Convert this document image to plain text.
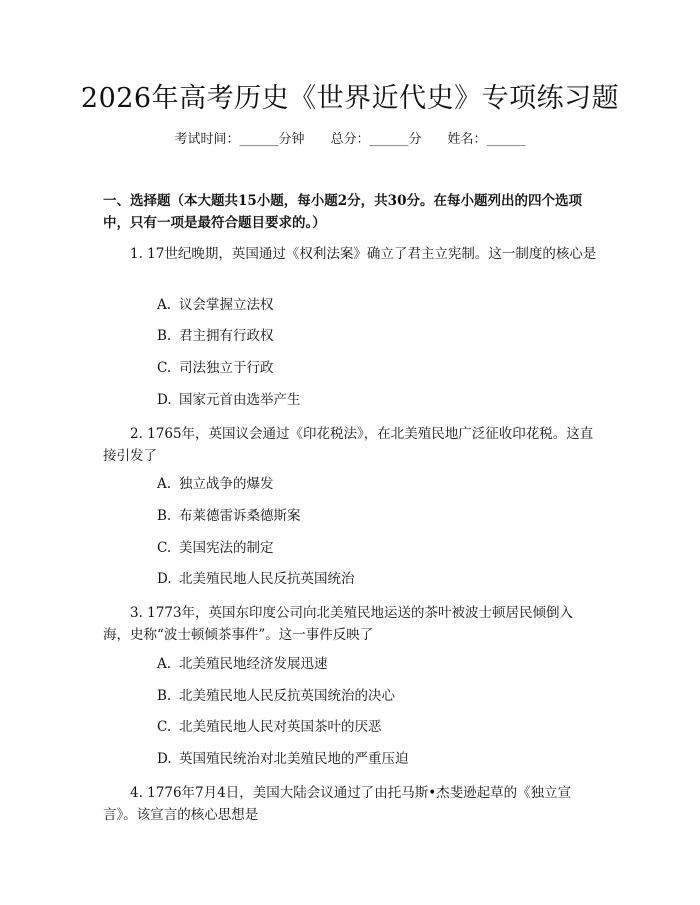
2026年高考历史《世界近代史》专项练习题
考试时间：______分钟 总分：______分 姓名：______
一、选择题（本大题共15小题，每小题2分，共30分。在每小题列出的四个选项中，只有一项是最符合题目要求的。）
1. 17世纪晚期，英国通过《权利法案》确立了君主立宪制。这一制度的核心是
A. 议会掌握立法权
B. 君主拥有行政权
C. 司法独立于行政
D. 国家元首由选举产生
2. 1765年，英国议会通过《印花税法》，在北美殖民地广泛征收印花税。这直接引发了
A. 独立战争的爆发
B. 布莱德雷诉桑德斯案
C. 美国宪法的制定
D. 北美殖民地人民反抗英国统治
3. 1773年，英国东印度公司向北美殖民地运送的茶叶被波士顿居民倾倒入海，史称“波士顿倾茶事件”。这一事件反映了
A. 北美殖民地经济发展迅速
B. 北美殖民地人民反抗英国统治的决心
C. 北美殖民地人民对英国茶叶的厌恶
D. 英国殖民统治对北美殖民地的严重压迫
4. 1776年7月4日，美国大陆会议通过了由托马斯•杰斐逊起草的《独立宣言》。该宣言的核心思想是
